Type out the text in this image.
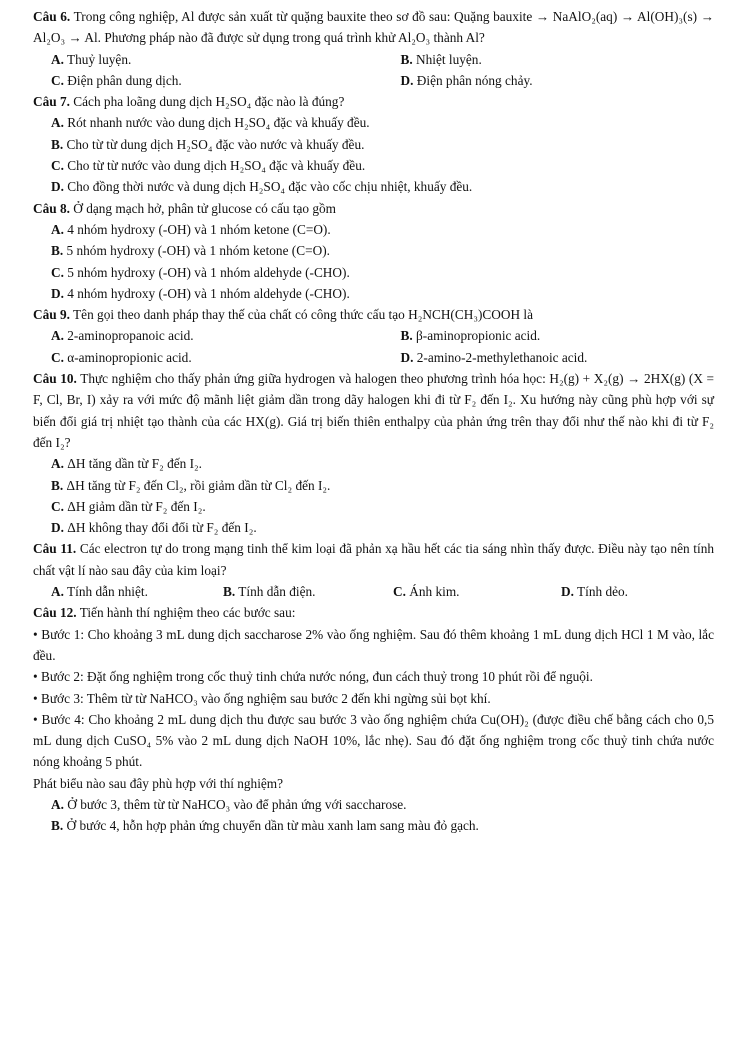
Câu 6. Trong công nghiệp, Al được sản xuất từ quặng bauxite theo sơ đồ sau: Quặng bauxite → NaAlO₂(aq) → Al(OH)₃(s) → Al₂O₃ → Al. Phương pháp nào đã được sử dụng trong quá trình khử Al₂O₃ thành Al?

A. Thuỷ luyện.	B. Nhiệt luyện.
C. Điện phân dung dịch.	D. Điện phân nóng chảy.

Câu 7. Cách pha loãng dung dịch H₂SO₄ đặc nào là đúng?

A. Rót nhanh nước vào dung dịch H₂SO₄ đặc và khuấy đều.
B. Cho từ từ dung dịch H₂SO₄ đặc vào nước và khuấy đều.
C. Cho từ từ nước vào dung dịch H₂SO₄ đặc và khuấy đều.
D. Cho đồng thời nước và dung dịch H₂SO₄ đặc vào cốc chịu nhiệt, khuấy đều.

Câu 8. Ở dạng mạch hở, phân tử glucose có cấu tạo gồm

A. 4 nhóm hydroxy (-OH) và 1 nhóm ketone (C=O).
B. 5 nhóm hydroxy (-OH) và 1 nhóm ketone (C=O).
C. 5 nhóm hydroxy (-OH) và 1 nhóm aldehyde (-CHO).
D. 4 nhóm hydroxy (-OH) và 1 nhóm aldehyde (-CHO).

Câu 9. Tên gọi theo danh pháp thay thế của chất có công thức cấu tạo H₂NCH(CH₃)COOH là

A. 2-aminopropanoic acid.	B. β-aminopropionic acid.
C. α-aminopropionic acid.	D. 2-amino-2-methylethanoic acid.

Câu 10. Thực nghiệm cho thấy phản ứng giữa hydrogen và halogen theo phương trình hóa học: H₂(g) + X₂(g) → 2HX(g) (X = F, Cl, Br, I) xảy ra với mức độ mãnh liệt giảm dần trong dãy halogen khi đi từ F₂ đến I₂. Xu hướng này cũng phù hợp với sự biến đổi giá trị nhiệt tạo thành của các HX(g). Giá trị biến thiên enthalpy của phản ứng trên thay đổi như thế nào khi đi từ F₂ đến I₂?

A. ΔH tăng dần từ F₂ đến I₂.
B. ΔH tăng từ F₂ đến Cl₂, rồi giảm dần từ Cl₂ đến I₂.
C. ΔH giảm dần từ F₂ đến I₂.
D. ΔH không thay đổi đổi từ F₂ đến I₂.

Câu 11. Các electron tự do trong mạng tinh thể kim loại đã phản xạ hầu hết các tia sáng nhìn thấy được. Điều này tạo nên tính chất vật lí nào sau đây của kim loại?

A. Tính dẫn nhiệt.	B. Tính dẫn điện.	C. Ánh kim.	D. Tính dẻo.

Câu 12. Tiến hành thí nghiệm theo các bước sau:

• Bước 1: Cho khoảng 3 mL dung dịch saccharose 2% vào ống nghiệm. Sau đó thêm khoảng 1 mL dung dịch HCl 1 M vào, lắc đều.

• Bước 2: Đặt ống nghiệm trong cốc thuỷ tinh chứa nước nóng, đun cách thuỷ trong 10 phút rồi để nguội.

• Bước 3: Thêm từ từ NaHCO₃ vào ống nghiệm sau bước 2 đến khi ngừng sủi bọt khí.

• Bước 4: Cho khoảng 2 mL dung dịch thu được sau bước 3 vào ống nghiệm chứa Cu(OH)₂ (được điều chế bằng cách cho 0,5 mL dung dịch CuSO₄ 5% vào 2 mL dung dịch NaOH 10%, lắc nhẹ). Sau đó đặt ống nghiệm trong cốc thuỷ tinh chứa nước nóng khoảng 5 phút.

Phát biểu nào sau đây phù hợp với thí nghiệm?

A. Ở bước 3, thêm từ từ NaHCO₃ vào để phản ứng với saccharose.
B. Ở bước 4, hỗn hợp phản ứng chuyển dần từ màu xanh lam sang màu đỏ gạch.
